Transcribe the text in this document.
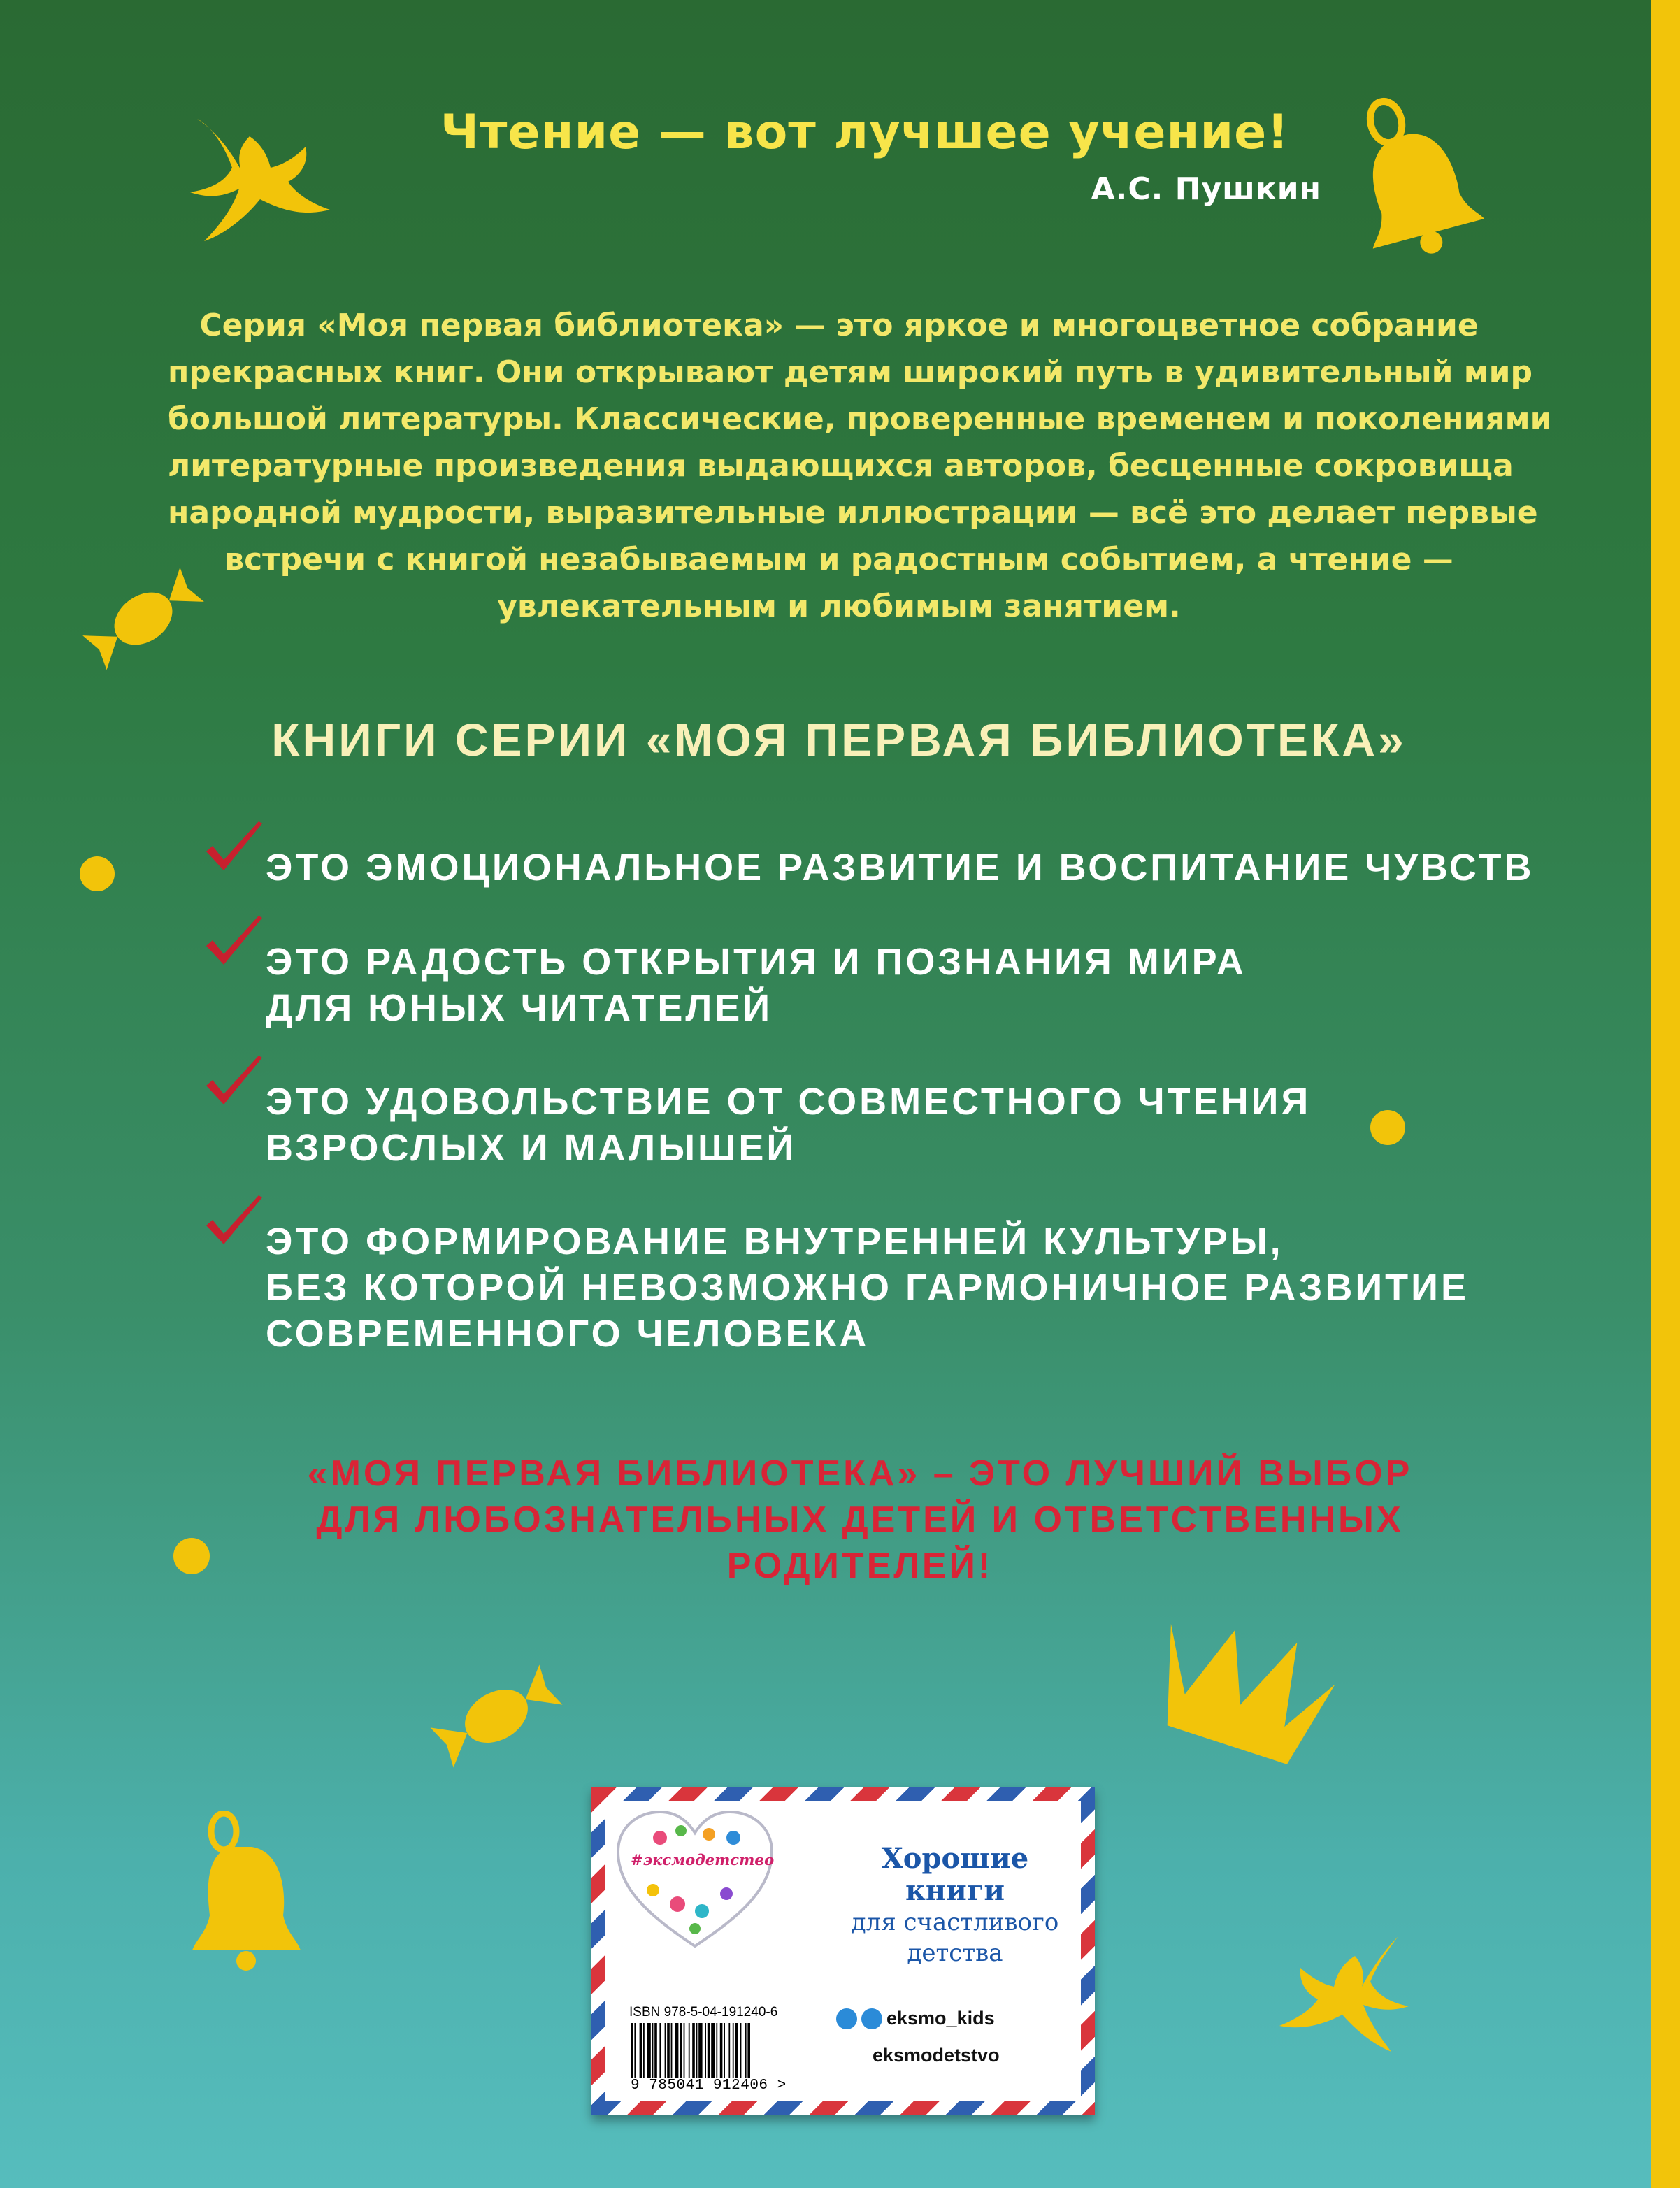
Чтение — вот лучшее учение!
А.С. Пушкин
Серия «Моя первая библиотека» — это яркое и многоцветное собрание
прекрасных книг. Они открывают детям широкий путь в удивительный мир
большой литературы. Классические, проверенные временем и поколениями
литературные произведения выдающихся авторов, бесценные сокровища
народной мудрости, выразительные иллюстрации — всё это делает первые
встречи с книгой незабываемым и радостным событием, а чтение —
увлекательным и любимым занятием.
КНИГИ СЕРИИ «МОЯ ПЕРВАЯ БИБЛИОТЕКА»
ЭТО ЭМОЦИОНАЛЬНОЕ РАЗВИТИЕ И ВОСПИТАНИЕ ЧУВСТВ
ЭТО РАДОСТЬ ОТКРЫТИЯ И ПОЗНАНИЯ МИРА
ДЛЯ ЮНЫХ ЧИТАТЕЛЕЙ
ЭТО УДОВОЛЬСТВИЕ ОТ СОВМЕСТНОГО ЧТЕНИЯ
ВЗРОСЛЫХ И МАЛЫШЕЙ
ЭТО ФОРМИРОВАНИЕ ВНУТРЕННЕЙ КУЛЬТУРЫ,
БЕЗ КОТОРОЙ НЕВОЗМОЖНО ГАРМОНИЧНОЕ РАЗВИТИЕ
СОВРЕМЕННОГО ЧЕЛОВЕКА
«МОЯ ПЕРВАЯ БИБЛИОТЕКА» – ЭТО ЛУЧШИЙ ВЫБОР
ДЛЯ ЛЮБОЗНАТЕЛЬНЫХ ДЕТЕЙ И ОТВЕТСТВЕННЫХ
РОДИТЕЛЕЙ!
#эксмодетство	Хорошие
книги
для счастливого
детства
ISBN 978-5-04-191240-6
9 785041 912406 >
eksmo_kids
eksmodetstvo
